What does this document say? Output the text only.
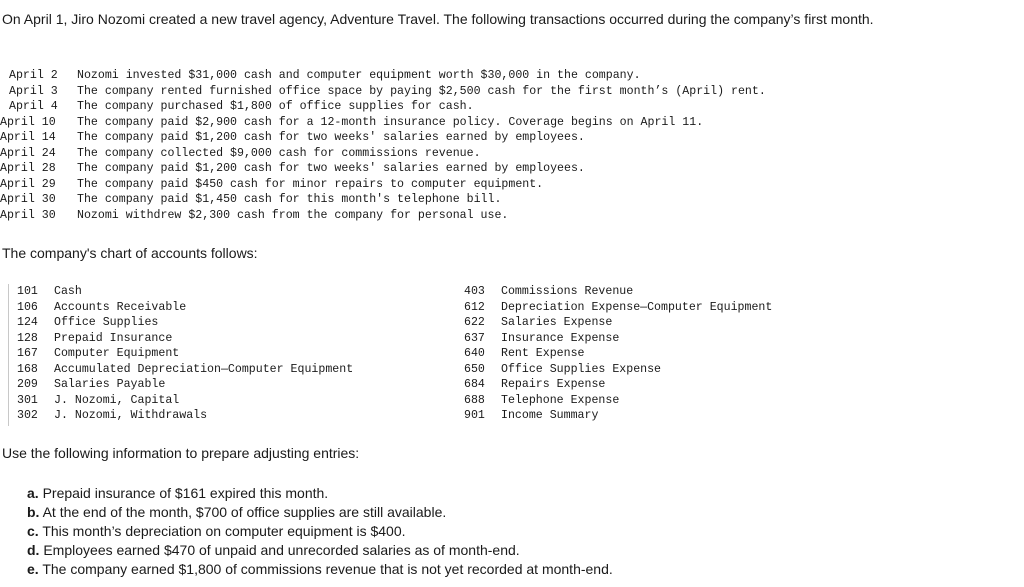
On April 1, Jiro Nozomi created a new travel agency, Adventure Travel. The following transactions occurred during the company’s first month.

April 2	Nozomi invested $31,000 cash and computer equipment worth $30,000 in the company.
April 3	The company rented furnished office space by paying $2,500 cash for the first month’s (April) rent.
April 4	The company purchased $1,800 of office supplies for cash.
April 10	The company paid $2,900 cash for a 12-month insurance policy. Coverage begins on April 11.
April 14	The company paid $1,200 cash for two weeks' salaries earned by employees.
April 24	The company collected $9,000 cash for commissions revenue.
April 28	The company paid $1,200 cash for two weeks' salaries earned by employees.
April 29	The company paid $450 cash for minor repairs to computer equipment.
April 30	The company paid $1,450 cash for this month's telephone bill.
April 30	Nozomi withdrew $2,300 cash from the company for personal use.

The company's chart of accounts follows:

101	Cash
106	Accounts Receivable
124	Office Supplies
128	Prepaid Insurance
167	Computer Equipment
168	Accumulated Depreciation—Computer Equipment
209	Salaries Payable
301	J. Nozomi, Capital
302	J. Nozomi, Withdrawals

403	Commissions Revenue
612	Depreciation Expense—Computer Equipment
622	Salaries Expense
637	Insurance Expense
640	Rent Expense
650	Office Supplies Expense
684	Repairs Expense
688	Telephone Expense
901	Income Summary

Use the following information to prepare adjusting entries:

a. Prepaid insurance of $161 expired this month.
b. At the end of the month, $700 of office supplies are still available.
c. This month’s depreciation on computer equipment is $400.
d. Employees earned $470 of unpaid and unrecorded salaries as of month-end.
e. The company earned $1,800 of commissions revenue that is not yet recorded at month-end.
